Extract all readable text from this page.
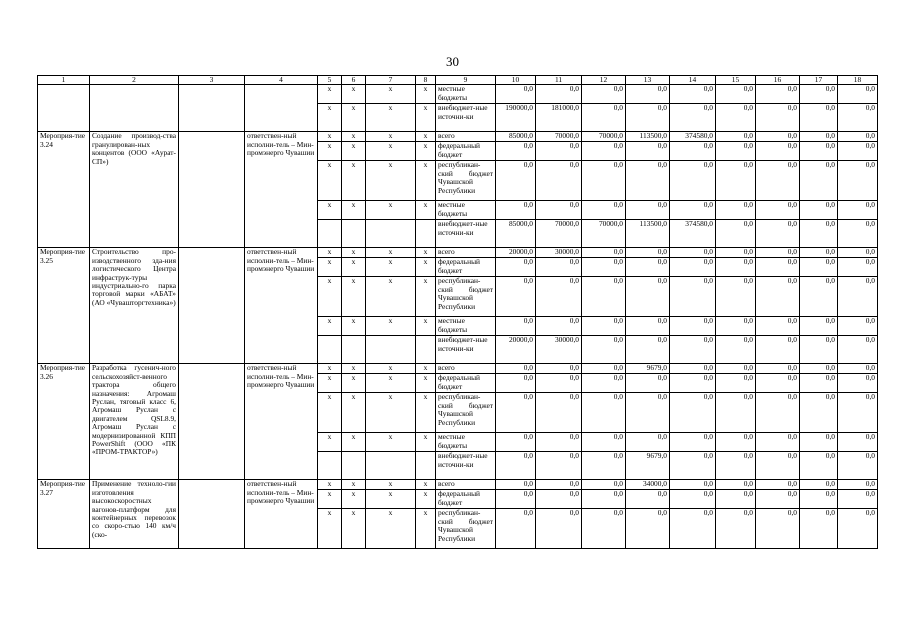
30
1	2	3	4	5	6	7	8	9	10	11	12	13	14	15	16	17	18
				x	x	x	x	местные бюджеты	0,0	0,0	0,0	0,0	0,0	0,0	0,0	0,0	0,0
				x	x	x	x	внебюджет-ные источни-ки	190000,0	181000,0	0,0	0,0	0,0	0,0	0,0	0,0	0,0
Мероприя-тие 3.24	Создание производ-ства гранулирован-ных концентов (ООО «Аурат-СП»)		ответствен-ный исполни-тель – Мин-промэнерго Чувашии	x	x	x	x	всего	85000,0	70000,0	70000,0	113500,0	374580,0	0,0	0,0	0,0	0,0
				x	x	x	x	федеральный бюджет	0,0	0,0	0,0	0,0	0,0	0,0	0,0	0,0	0,0
				x	x	x	x	республикан-ский бюджет Чувашской Республики	0,0	0,0	0,0	0,0	0,0	0,0	0,0	0,0	0,0
				x	x	x	x	местные бюджеты	0,0	0,0	0,0	0,0	0,0	0,0	0,0	0,0	0,0
								внебюджет-ные источни-ки	85000,0	70000,0	70000,0	113500,0	374580,0	0,0	0,0	0,0	0,0
Мероприя-тие 3.25	Строительство про-изводственного зда-ния логистического Центра инфраструк-туры индустриально-го парка торговой марки «АБАТ» (АО «Чувашторгтехника»)		ответствен-ный исполни-тель – Мин-промэнерго Чувашии	x	x	x	x	всего	20000,0	30000,0	0,0	0,0	0,0	0,0	0,0	0,0	0,0
				x	x	x	x	федеральный бюджет	0,0	0,0	0,0	0,0	0,0	0,0	0,0	0,0	0,0
				x	x	x	x	республикан-ский бюджет Чувашской Республики	0,0	0,0	0,0	0,0	0,0	0,0	0,0	0,0	0,0
				x	x	x	x	местные бюджеты	0,0	0,0	0,0	0,0	0,0	0,0	0,0	0,0	0,0
								внебюджет-ные источни-ки	20000,0	30000,0	0,0	0,0	0,0	0,0	0,0	0,0	0,0
Мероприя-тие 3.26	Разработка гусенич-ного сельскохозяйст-венного трактора общего назначения: Агромаш Руслан, тяговый класс 6, Агромаш Руслан с двигателем QSL8.9, Агромаш Руслан с модернизированной КПП PowerShift (ООО «ПК «ПРОМ-ТРАКТОР»)		ответствен-ный исполни-тель – Мин-промэнерго Чувашии	x	x	x	x	всего	0,0	0,0	0,0	9679,0	0,0	0,0	0,0	0,0	0,0
				x	x	x	x	федеральный бюджет	0,0	0,0	0,0	0,0	0,0	0,0	0,0	0,0	0,0
				x	x	x	x	республикан-ский бюджет Чувашской Республики	0,0	0,0	0,0	0,0	0,0	0,0	0,0	0,0	0,0
				x	x	x	x	местные бюджеты	0,0	0,0	0,0	0,0	0,0	0,0	0,0	0,0	0,0
								внебюджет-ные источни-ки	0,0	0,0	0,0	9679,0	0,0	0,0	0,0	0,0	0,0
Мероприя-тие 3.27	Применение техноло-гии изготовления высокоскоростных вагонов-платформ для контейнерных перевозок со скоро-стью 140 км/ч (ско-		ответствен-ный исполни-тель – Мин-промэнерго Чувашии	x	x	x	x	всего	0,0	0,0	0,0	34000,0	0,0	0,0	0,0	0,0	0,0
				x	x	x	x	федеральный бюджет	0,0	0,0	0,0	0,0	0,0	0,0	0,0	0,0	0,0
				x	x	x	x	республикан-ский бюджет Чувашской Республики	0,0	0,0	0,0	0,0	0,0	0,0	0,0	0,0	0,0
